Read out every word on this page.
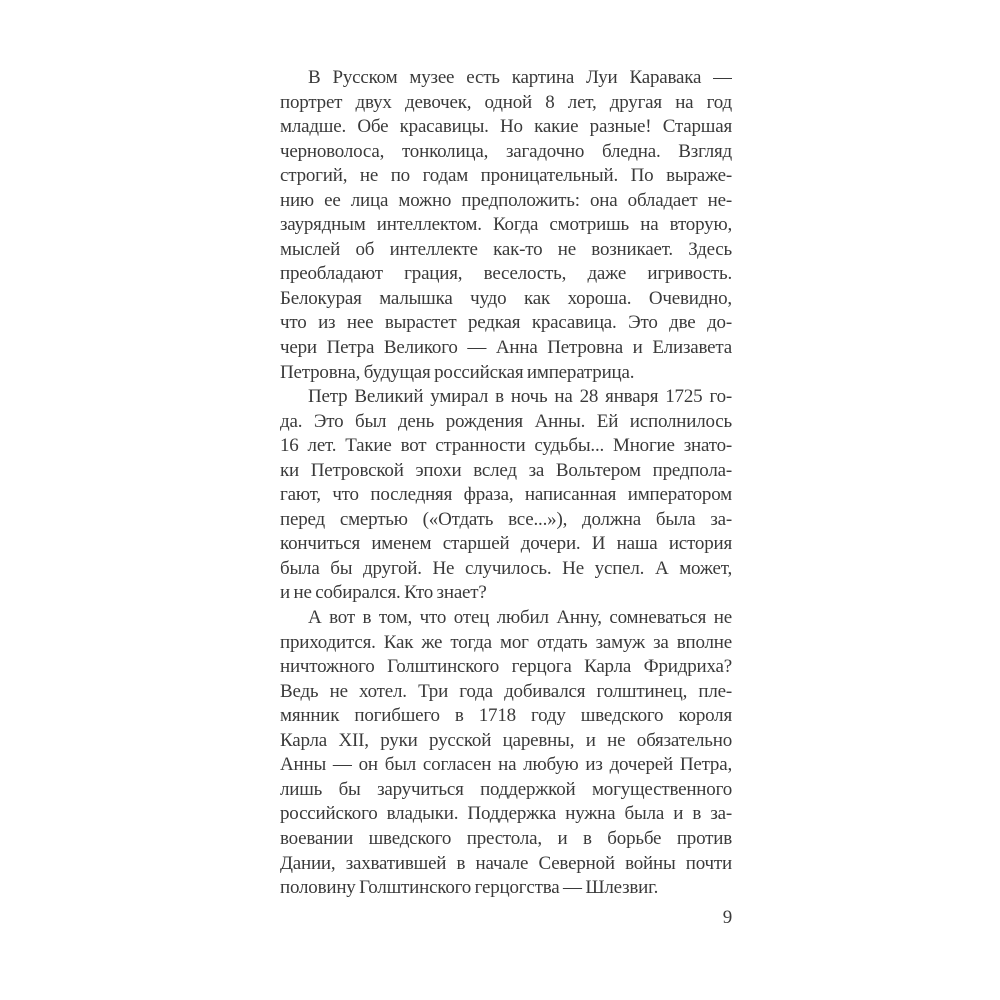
В Русском музее есть картина Луи Каравака —
портрет двух девочек, одной 8 лет, другая на год
младше. Обе красавицы. Но какие разные! Старшая
черноволоса, тонколица, загадочно бледна. Взгляд
строгий, не по годам проницательный. По выраже-
нию ее лица можно предположить: она обладает не-
заурядным интеллектом. Когда смотришь на вторую,
мыслей об интеллекте как-то не возникает. Здесь
преобладают грация, веселость, даже игривость.
Белокурая малышка чудо как хороша. Очевидно,
что из нее вырастет редкая красавица. Это две до-
чери Петра Великого — Анна Петровна и Елизавета
Петровна, будущая российская императрица.
Петр Великий умирал в ночь на 28 января 1725 го-
да. Это был день рождения Анны. Ей исполнилось
16 лет. Такие вот странности судьбы... Многие знато-
ки Петровской эпохи вслед за Вольтером предпола-
гают, что последняя фраза, написанная императором
перед смертью («Отдать все...»), должна была за-
кончиться именем старшей дочери. И наша история
была бы другой. Не случилось. Не успел. А может,
и не собирался. Кто знает?
А вот в том, что отец любил Анну, сомневаться не
приходится. Как же тогда мог отдать замуж за вполне
ничтожного Голштинского герцога Карла Фридриха?
Ведь не хотел. Три года добивался голштинец, пле-
мянник погибшего в 1718 году шведского короля
Карла XII, руки русской царевны, и не обязательно
Анны — он был согласен на любую из дочерей Петра,
лишь бы заручиться поддержкой могущественного
российского владыки. Поддержка нужна была и в за-
воевании шведского престола, и в борьбе против
Дании, захватившей в начале Северной войны почти
половину Голштинского герцогства — Шлезвиг.
9
